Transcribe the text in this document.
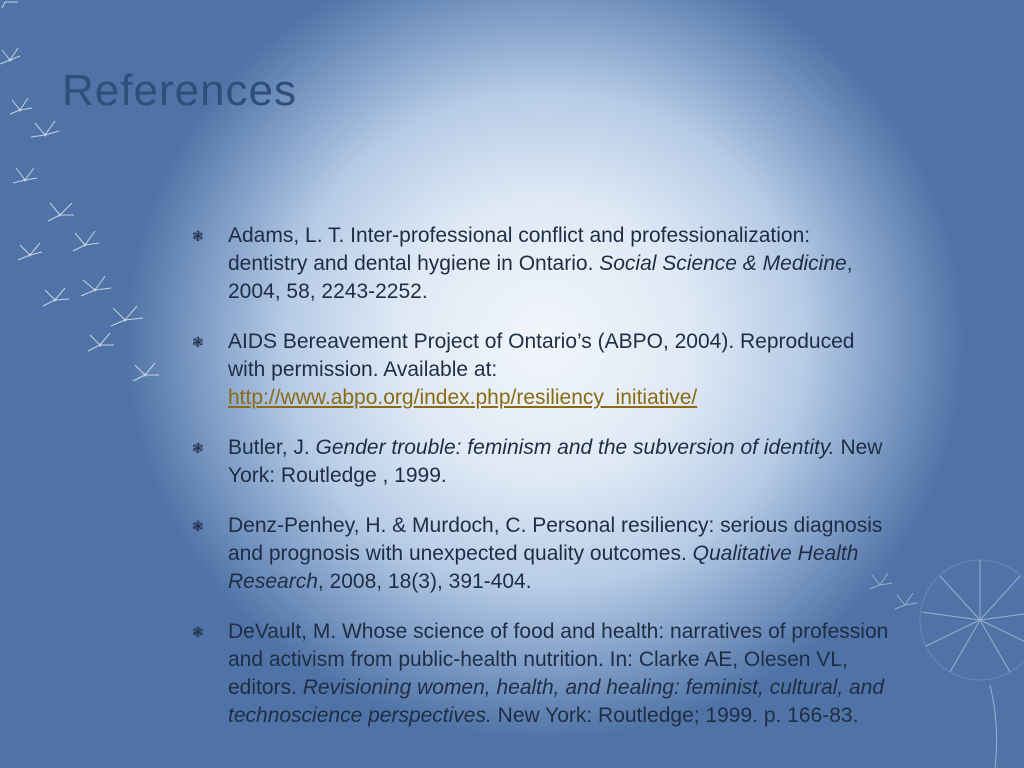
References
❃ Adams, L. T. Inter-professional conflict and professionalization: dentistry and dental hygiene in Ontario. Social Science & Medicine, 2004, 58, 2243-2252.
❃ AIDS Bereavement Project of Ontario’s (ABPO, 2004). Reproduced with permission. Available at: http://www.abpo.org/index.php/resiliency_initiative/
❃ Butler, J. Gender trouble: feminism and the subversion of identity. New York: Routledge , 1999.
❃ Denz-Penhey, H. & Murdoch, C. Personal resiliency: serious diagnosis and prognosis with unexpected quality outcomes. Qualitative Health Research, 2008, 18(3), 391-404.
❃ DeVault, M. Whose science of food and health: narratives of profession and activism from public-health nutrition. In: Clarke AE, Olesen VL, editors. Revisioning women, health, and healing: feminist, cultural, and technoscience perspectives. New York: Routledge; 1999. p. 166-83.
